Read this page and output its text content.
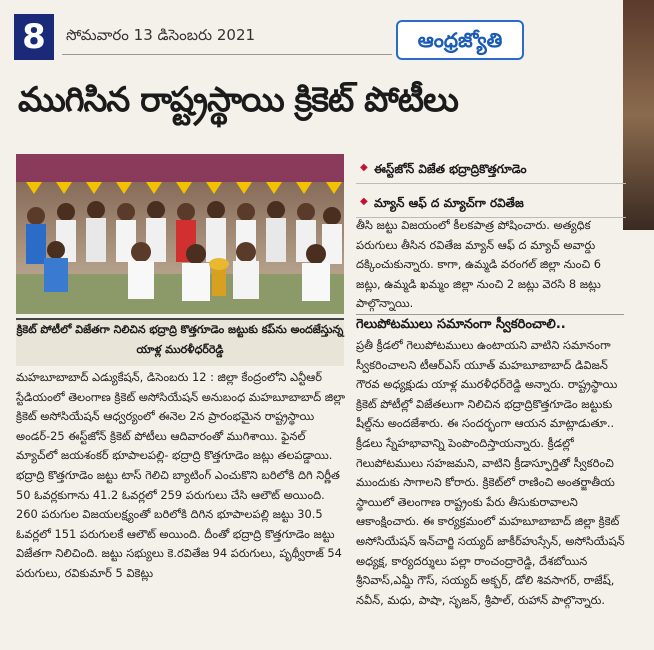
8	సోమవారం 13 డిసెంబరు 2021	ఆంధ్రజ్యోతి
ముగిసిన రాష్ట్రస్థాయి క్రికెట్ పోటీలు
క్రికెట్ పోటీలో విజేతగా నిలిచిన భద్రాద్రి కొత్తగూడెం జట్టుకు కప్‌ను అందజేస్తున్న యాళ్ల మురళీధర్‌రెడ్డి
◆ ఈస్ట్‌జోన్ విజేత భద్రాద్రికొత్తగూడెం
◆ మ్యాన్ ఆఫ్ ద మ్యాచ్‌గా రవితేజ

తీసి జట్టు విజయంలో కీలకపాత్ర పోషించారు. అత్యధిక పరుగులు తీసిన రవితేజ మ్యాన్ ఆఫ్ ద మ్యాచ్ అవార్డు దక్కించుకున్నారు. కాగా, ఉమ్మడి వరంగల్ జిల్లా నుంచి 6 జట్లు, ఉమ్మడి ఖమ్మం జిల్లా నుంచి 2 జట్లు వెరసి 8 జట్లు పాల్గొన్నాయి.

గెలుపోటములు సమానంగా స్వీకరించాలి..

ప్రతీ క్రీడలో గెలుపోటములు ఉంటాయని వాటిని సమానంగా స్వీకరించాలని టీఆర్ఎస్ యూత్ మహబూబాబాద్ డివిజన్ గౌరవ అధ్యక్షుడు యాళ్ల మురళీధర్‌రెడ్డి అన్నారు. రాష్ట్రస్థాయి క్రికెట్ పోటీల్లో విజేతలుగా నిలిచిన భద్రాద్రికొత్తగూడెం జట్టుకు షీల్డ్‌ను అందజేశారు. ఈ సందర్భంగా ఆయన మాట్లాడుతూ.. క్రీడలు స్నేహభావాన్ని పెంపొందిస్తాయన్నారు. క్రీడల్లో గెలుపోటములు సహజమని, వాటిని క్రీడాస్ఫూర్తితో స్వీకరించి ముందుకు సాగాలని కోరారు. క్రికెట్‌లో రాణించి అంతర్జాతీయ స్థాయిలో తెలంగాణ రాష్ట్రంకు పేరు తీసుకురావాలని ఆకాంక్షించారు. ఈ కార్యక్రమంలో మహబూబాబాద్ జిల్లా క్రికెట్ అసోసియేషన్ ఇన్‌చార్జి సయ్యద్ జాకీర్‌హుస్సేన్, అసోసియేషన్ అధ్యక్ష, కార్యదర్శులు పల్లా రాంచంద్రారెడ్డి, దేశబోయిన శ్రీనివాస్,ఎమ్డీ గౌస్, సయ్యద్ అక్బర్, డోలి శివసాగర్, రాజేష్, నవీన్, మధు, పాషా, సృజన్, శ్రీపాల్, రుహాన్ పాల్గొన్నారు.

మహబూబాబాద్ ఎడ్యుకేషన్, డిసెంబరు 12 : జిల్లా కేంద్రంలోని ఎన్టీఆర్ స్టేడియంలో తెలంగాణ క్రికెట్ అసోసియేషన్ అనుబంధ మహబూబాబాద్ జిల్లా క్రికెట్ అసోసియేషన్ ఆధ్వర్యంలో ఈనెల 2న ప్రారంభమైన రాష్ట్రస్థాయి అండర్-25 ఈస్ట్‌జోన్ క్రికెట్ పోటీలు ఆదివారంతో ముగిశాయి. ఫైనల్ మ్యాచ్‌లో జయశంకర్ భూపాలపల్లి- భద్రాద్రి కొత్తగూడెం జట్లు తలపడ్డాయి. భద్రాద్రి కొత్తగూడెం జట్టు టాస్ గెలిచి బ్యాటింగ్ ఎంచుకొని బరిలోకి దిగి నిర్ణీత 50 ఓవర్లకుగాను 41.2 ఓవర్లలో 259 పరుగులు చేసి ఆలౌట్ అయింది. 260 పరుగుల విజయలక్ష్యంతో బరిలోకి దిగిన భూపాలపల్లి జట్టు 30.5 ఓవర్లలో 151 పరుగులకే ఆలౌట్ అయింది. దీంతో భద్రాద్రి కొత్తగూడెం జట్టు విజేతగా నిలిచింది. జట్టు సభ్యులు కె.రవితేజ 94 పరుగులు, పృథ్వీరాజ్ 54 పరుగులు, రవికుమార్ 5 వికెట్లు
